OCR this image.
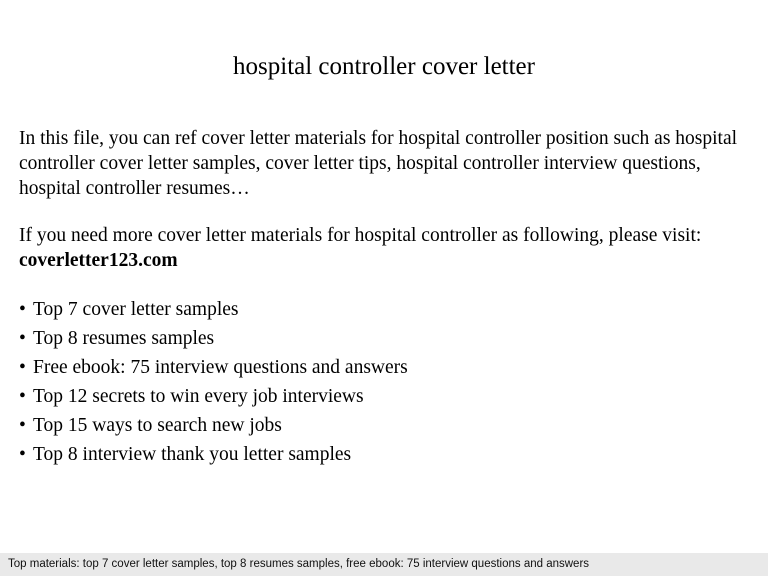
hospital controller cover letter

In this file, you can ref cover letter materials for hospital controller position such as hospital controller cover letter samples, cover letter tips, hospital controller interview questions, hospital controller resumes…

If you need more cover letter materials for hospital controller as following, please visit: coverletter123.com

• Top 7 cover letter samples
• Top 8 resumes samples
• Free ebook: 75 interview questions and answers
• Top 12 secrets to win every job interviews
• Top 15 ways to search new jobs
• Top 8 interview thank you letter samples
Top materials: top 7 cover letter samples, top 8 resumes samples, free ebook: 75 interview questions and answers
